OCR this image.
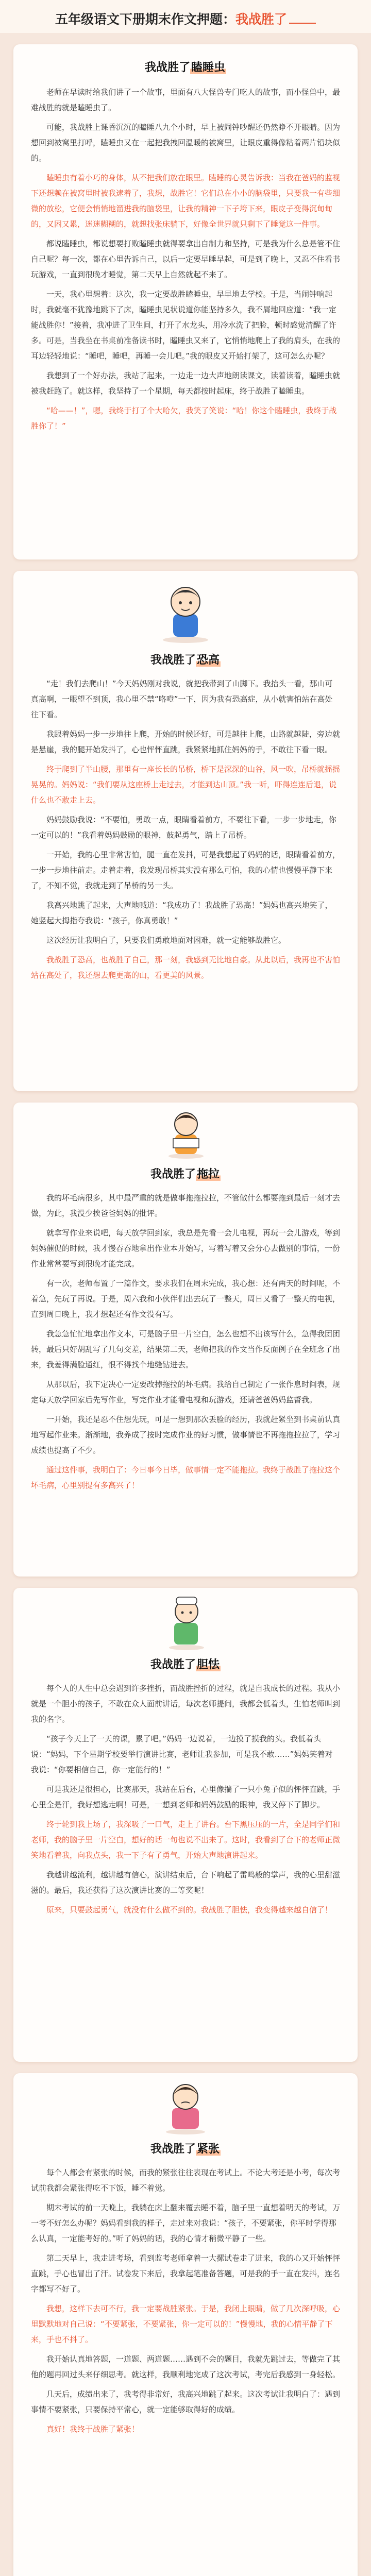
五年级语文下册期末作文押题：我战胜了
我战胜了瞌睡虫

老师在早读时给我们讲了一个故事，里面有八大怪兽专门吃人的故事，而小怪兽中，最难战胜的就是瞌睡虫了。

可能，我战胜上课昏沉沉的瞌睡八九个小时，早上被闹钟吵醒还仍然睁不开眼睛。因为想回到被窝里打呼，瞌睡虫又在一起把我拽回温暖的被窝里，让眼皮重得像粘着两片铅块似的。

瞌睡虫有着小巧的身体，从不把我们放在眼里。瞌睡的心灵告诉我：当我在爸妈的监视下还想赖在被窝里时被我逮着了，我想，战胜它！它们总在小小的脑袋里，只要我一有些细微的放松，它便会悄悄地溜进我的脑袋里，让我的精神一下子垮下来，眼皮子变得沉甸甸的，又困又累，迷迷糊糊的，就想找张床躺下，好像全世界就只剩下了睡觉这一件事。

都说瞌睡虫，都说想要打败瞌睡虫就得要拿出自制力和坚持，可是我为什么总是管不住自己呢？每一次，都在心里告诉自己，以后一定要早睡早起，可是到了晚上，又忍不住看书玩游戏，一直到很晚才睡觉，第二天早上自然就起不来了。

一天，我心里想着：这次，我一定要战胜瞌睡虫，早早地去学校。于是，当闹钟响起时，我就毫不犹豫地跳下了床，瞌睡虫见状说道你能坚持多久，我不屑地回应道：“我一定能战胜你！”接着，我冲进了卫生间，打开了水龙头，用冷水洗了把脸，顿时感觉清醒了许多。可是，当我坐在书桌前准备读书时，瞌睡虫又来了，它悄悄地爬上了我的肩头，在我的耳边轻轻地说：“睡吧，睡吧，再睡一会儿吧。”我的眼皮又开始打架了，这可怎么办呢？

我想到了一个好办法，我站了起来，一边走一边大声地朗读课文，读着读着，瞌睡虫就被我赶跑了。就这样，我坚持了一个星期，每天都按时起床，终于战胜了瞌睡虫。

“哈——！”，嗯，我终于打了个大哈欠，我笑了笑说：“哈！你这个瞌睡虫，我终于战胜你了！”

我战胜了恐高

“走！我们去爬山！”今天妈妈刚对我说，就把我带到了山脚下。我抬头一看，那山可真高啊，一眼望不到顶，我心里不禁“咯噔”一下，因为我有恐高症，从小就害怕站在高处往下看。

我跟着妈妈一步一步地往上爬，开始的时候还好，可是越往上爬，山路就越陡，旁边就是悬崖，我的腿开始发抖了，心也怦怦直跳，我紧紧地抓住妈妈的手，不敢往下看一眼。

终于爬到了半山腰，那里有一座长长的吊桥，桥下是深深的山谷，风一吹，吊桥就摇摇晃晃的。妈妈说：“我们要从这座桥上走过去，才能到达山顶。”我一听，吓得连连后退，说什么也不敢走上去。

妈妈鼓励我说：“不要怕，勇敢一点，眼睛看着前方，不要往下看，一步一步地走，你一定可以的！”我看着妈妈鼓励的眼神，鼓起勇气，踏上了吊桥。

一开始，我的心里非常害怕，腿一直在发抖，可是我想起了妈妈的话，眼睛看着前方，一步一步地往前走。走着走着，我发现吊桥其实没有那么可怕，我的心情也慢慢平静下来了，不知不觉，我就走到了吊桥的另一头。

我高兴地跳了起来，大声地喊道：“我成功了！我战胜了恐高！”妈妈也高兴地笑了，她竖起大拇指夸我说：“孩子，你真勇敢！”

这次经历让我明白了，只要我们勇敢地面对困难，就一定能够战胜它。

我战胜了恐高，也战胜了自己，那一刻，我感到无比地自豪。从此以后，我再也不害怕站在高处了，我还想去爬更高的山，看更美的风景。

我战胜了拖拉

我的坏毛病很多，其中最严重的就是做事拖拖拉拉，不管做什么都要拖到最后一刻才去做，为此，我没少挨爸爸妈妈的批评。

就拿写作业来说吧，每天放学回到家，我总是先看一会儿电视，再玩一会儿游戏，等到妈妈催促的时候，我才慢吞吞地拿出作业本开始写，写着写着又会分心去做别的事情，一份作业常常要写到很晚才能完成。

有一次，老师布置了一篇作文，要求我们在周末完成，我心想：还有两天的时间呢，不着急，先玩了再说。于是，周六我和小伙伴们出去玩了一整天，周日又看了一整天的电视，直到周日晚上，我才想起还有作文没有写。

我急急忙忙地拿出作文本，可是脑子里一片空白，怎么也想不出该写什么，急得我团团转，最后只好胡乱写了几句交差，结果第二天，老师把我的作文当作反面例子在全班念了出来，我羞得满脸通红，恨不得找个地缝钻进去。

从那以后，我下定决心一定要改掉拖拉的坏毛病。我给自己制定了一张作息时间表，规定每天放学回家后先写作业，写完作业才能看电视和玩游戏，还请爸爸妈妈监督我。

一开始，我还是忍不住想先玩，可是一想到那次丢脸的经历，我就赶紧坐到书桌前认真地写起作业来。渐渐地，我养成了按时完成作业的好习惯，做事情也不再拖拖拉拉了，学习成绩也提高了不少。

通过这件事，我明白了：今日事今日毕，做事情一定不能拖拉。我终于战胜了拖拉这个坏毛病，心里别提有多高兴了！

我战胜了胆怯

每个人的人生中总会遇到许多挫折，而战胜挫折的过程，就是自我成长的过程。我从小就是一个胆小的孩子，不敢在众人面前讲话，每次老师提问，我都会低着头，生怕老师叫到我的名字。

“孩子今天上了一天的课，累了吧。”妈妈一边说着，一边摸了摸我的头。我低着头说：“妈妈，下个星期学校要举行演讲比赛，老师让我参加，可是我不敢……”妈妈笑着对我说：“你要相信自己，你一定能行的！”

可是我还是很担心，比赛那天，我站在后台，心里像揣了一只小兔子似的怦怦直跳，手心里全是汗，我好想逃走啊！可是，一想到老师和妈妈鼓励的眼神，我又停下了脚步。

终于轮到我上场了，我深吸了一口气，走上了讲台。台下黑压压的一片，全是同学们和老师，我的脑子里一片空白，想好的话一句也说不出来了。这时，我看到了台下的老师正微笑地看着我，向我点头，我一下子有了勇气，开始大声地演讲起来。

我越讲越流利，越讲越有信心，演讲结束后，台下响起了雷鸣般的掌声，我的心里甜滋滋的。最后，我还获得了这次演讲比赛的二等奖呢！

原来，只要鼓起勇气，就没有什么做不到的。我战胜了胆怯，我变得越来越自信了！

我战胜了紧张

每个人都会有紧张的时候，而我的紧张往往表现在考试上。不论大考还是小考，每次考试前我都会紧张得吃不下饭，睡不着觉。

期末考试的前一天晚上，我躺在床上翻来覆去睡不着，脑子里一直想着明天的考试，万一考不好怎么办呢？妈妈看到我的样子，走过来对我说：“孩子，不要紧张，你平时学得那么认真，一定能考好的。”听了妈妈的话，我的心情才稍微平静了一些。

第二天早上，我走进考场，看到监考老师拿着一大摞试卷走了进来，我的心又开始怦怦直跳，手心也冒出了汗。试卷发下来后，我拿起笔准备答题，可是我的手一直在发抖，连名字都写不好了。

我想，这样下去可不行，我一定要战胜紧张。于是，我闭上眼睛，做了几次深呼吸，心里默默地对自己说：“不要紧张，不要紧张，你一定可以的！”慢慢地，我的心情平静了下来，手也不抖了。

我开始认真地答题，一道题、两道题……遇到不会的题目，我就先跳过去，等做完了其他的题再回过头来仔细思考。就这样，我顺利地完成了这次考试，考完后我感到一身轻松。

几天后，成绩出来了，我考得非常好，我高兴地跳了起来。这次考试让我明白了：遇到事情不要紧张，只要保持平常心，就一定能够取得好的成绩。

真好！我终于战胜了紧张！
